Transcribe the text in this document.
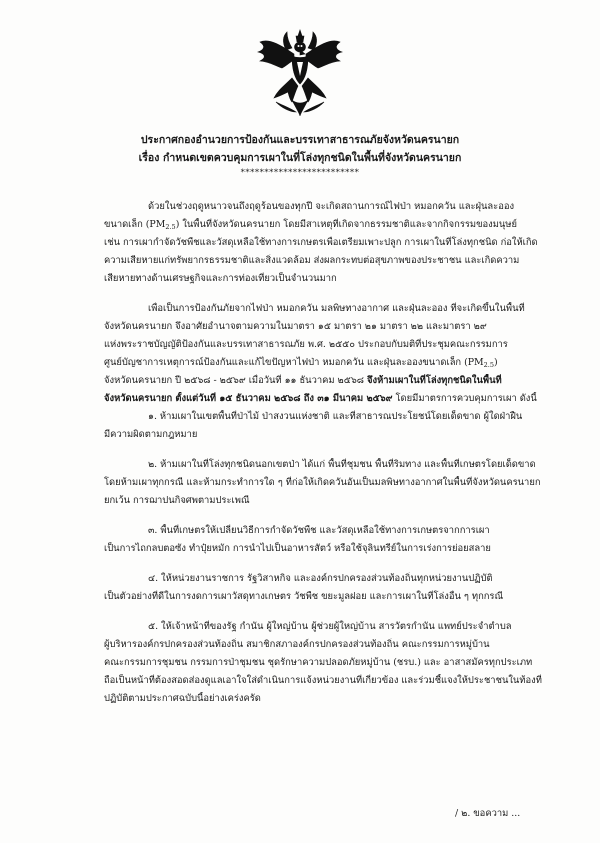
ประกาศกองอำนวยการป้องกันและบรรเทาสาธารณภัยจังหวัดนครนายก
เรื่อง กำหนดเขตควบคุมการเผาในที่โล่งทุกชนิดในพื้นที่จังหวัดนครนายก
*************************
ด้วยในช่วงฤดูหนาวจนถึงฤดูร้อนของทุกปี จะเกิดสถานการณ์ไฟป่า หมอกควัน และฝุ่นละออง
ขนาดเล็ก $(PM_{2.5})$ ในพื้นที่จังหวัดนครนายก โดยมีสาเหตุที่เกิดจากธรรมชาติและจากกิจกรรมของมนุษย์
เช่น การเผากำจัดวัชพืชและวัสดุเหลือใช้ทางการเกษตรเพื่อเตรียมเพาะปลูก การเผาในที่โล่งทุกชนิด ก่อให้เกิด
ความเสียหายแก่ทรัพยากรธรรมชาติและสิ่งแวดล้อม ส่งผลกระทบต่อสุขภาพของประชาชน และเกิดความ
เสียหายทางด้านเศรษฐกิจและการท่องเที่ยวเป็นจำนวนมาก
เพื่อเป็นการป้องกันภัยจากไฟป่า หมอกควัน มลพิษทางอากาศ และฝุ่นละออง ที่จะเกิดขึ้นในพื้นที่
จังหวัดนครนายก จึงอาศัยอำนาจตามความในมาตรา ๑๕ มาตรา ๒๑ มาตรา ๒๒ และมาตรา ๒๙
แห่งพระราชบัญญัติป้องกันและบรรเทาสาธารณภัย พ.ศ. ๒๕๕๐ ประกอบกับมติที่ประชุมคณะกรรมการ
ศูนย์บัญชาการเหตุการณ์ป้องกันและแก้ไขปัญหาไฟป่า หมอกควัน และฝุ่นละอองขนาดเล็ก $(PM_{2.5})$
จังหวัดนครนายก ปี ๒๕๖๘ - ๒๕๖๙ เมื่อวันที่ ๑๑ ธันวาคม ๒๕๖๘ จึงห้ามเผาในที่โล่งทุกชนิดในพื้นที่
จังหวัดนครนายก ตั้งแต่วันที่ ๑๕ ธันวาคม ๒๕๖๘ ถึง ๓๑ มีนาคม ๒๕๖๙ โดยมีมาตรการควบคุมการเผา ดังนี้
๑. ห้ามเผาในเขตพื้นที่ป่าไม้ ป่าสงวนแห่งชาติ และที่สาธารณประโยชน์โดยเด็ดขาด ผู้ใดฝ่าฝืน
มีความผิดตามกฎหมาย
๒. ห้ามเผาในที่โล่งทุกชนิดนอกเขตป่า ได้แก่ พื้นที่ชุมชน พื้นที่ริมทาง และพื้นที่เกษตรโดยเด็ดขาด
โดยห้ามเผาทุกกรณี และห้ามกระทำการใด ๆ ที่ก่อให้เกิดควันอันเป็นมลพิษทางอากาศในพื้นที่จังหวัดนครนายก
ยกเว้น การฌาปนกิจศพตามประเพณี
๓. พื้นที่เกษตรให้เปลี่ยนวิธีการกำจัดวัชพืช และวัสดุเหลือใช้ทางการเกษตรจากการเผา
เป็นการไถกลบตอซัง ทำปุ๋ยหมัก การนำไปเป็นอาหารสัตว์ หรือใช้จุลินทรีย์ในการเร่งการย่อยสลาย
๔. ให้หน่วยงานราชการ รัฐวิสาหกิจ และองค์กรปกครองส่วนท้องถิ่นทุกหน่วยงานปฏิบัติ
เป็นตัวอย่างที่ดีในการงดการเผาวัสดุทางเกษตร วัชพืช ขยะมูลฝอย และการเผาในที่โล่งอื่น ๆ ทุกกรณี
๕. ให้เจ้าหน้าที่ของรัฐ กำนัน ผู้ใหญ่บ้าน ผู้ช่วยผู้ใหญ่บ้าน สารวัตรกำนัน แพทย์ประจำตำบล
ผู้บริหารองค์กรปกครองส่วนท้องถิ่น สมาชิกสภาองค์กรปกครองส่วนท้องถิ่น คณะกรรมการหมู่บ้าน
คณะกรรมการชุมชน กรรมการป่าชุมชน ชุดรักษาความปลอดภัยหมู่บ้าน (ชรบ.) และ อาสาสมัครทุกประเภท
ถือเป็นหน้าที่ต้องสอดส่องดูแลเอาใจใส่ดำเนินการแจ้งหน่วยงานที่เกี่ยวข้อง และร่วมชี้แจงให้ประชาชนในท้องที่
ปฏิบัติตามประกาศฉบับนี้อย่างเคร่งครัด
/ ๒. ขอความ ...
